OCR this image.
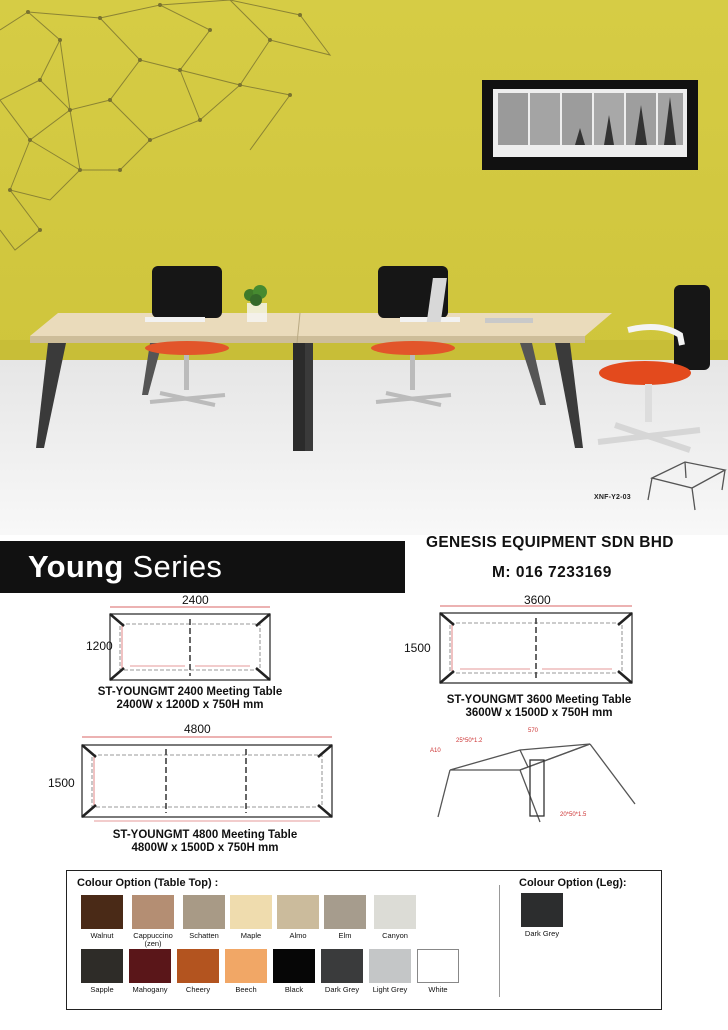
XNF-Y2-03
Young Series
GENESIS EQUIPMENT SDN BHD
M: 016 7233169
2400
1200
ST-YOUNGMT 2400 Meeting Table
2400W x 1200D x 750H mm
3600
1500
ST-YOUNGMT 3600 Meeting Table
3600W x 1500D x 750H mm
4800
1500
ST-YOUNGMT 4800 Meeting Table
4800W x 1500D x 750H mm
25*50*1.2
570
A10
20*50*1.5
Colour Option (Table Top) :	Colour Option (Leg):
Walnut	Cappuccino
(zen)
Schatten	Maple	Almo	Elm	Canyon
Sapple	Mahogany	Cheery	Beech	Black	Dark Grey	Light Grey	White
Dark Grey
